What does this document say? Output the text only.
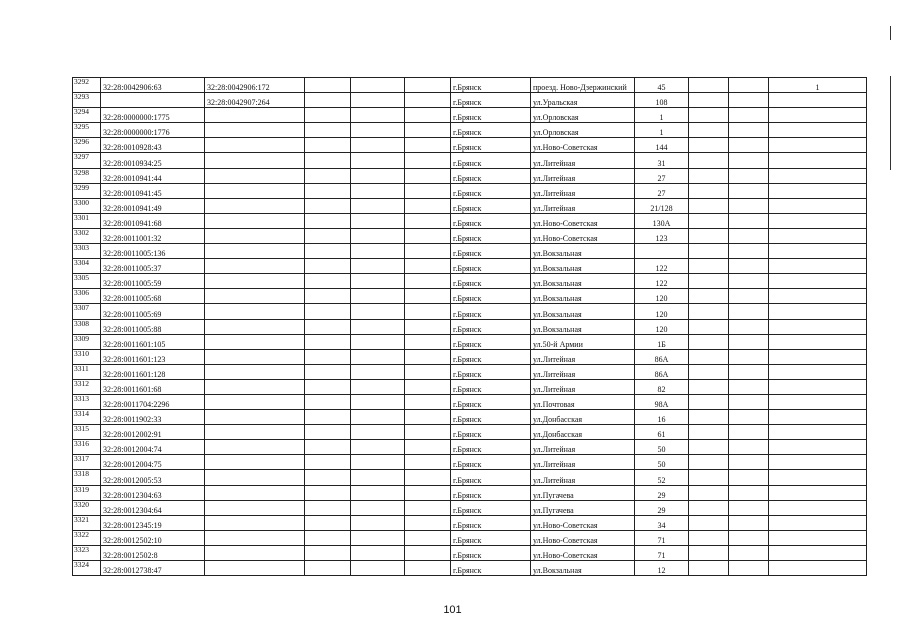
3292	32:28:0042906:63	32:28:0042906:172				г.Брянск	проезд. Ново-Дзержинский	45			1
3293		32:28:0042907:264				г.Брянск	ул.Уральская	108			
3294	32:28:0000000:1775					г.Брянск	ул.Орловская	1			
3295	32:28:0000000:1776					г.Брянск	ул.Орловская	1			
3296	32:28:0010928:43					г.Брянск	ул.Ново-Советская	144			
3297	32:28:0010934:25					г.Брянск	ул.Литейная	31			
3298	32:28:0010941:44					г.Брянск	ул.Литейная	27			
3299	32:28:0010941:45					г.Брянск	ул.Литейная	27			
3300	32:28:0010941:49					г.Брянск	ул.Литейная	21/128			
3301	32:28:0010941:68					г.Брянск	ул.Ново-Советская	130А			
3302	32:28:0011001:32					г.Брянск	ул.Ново-Советская	123			
3303	32:28:0011005:136					г.Брянск	ул.Вокзальная				
3304	32:28:0011005:37					г.Брянск	ул.Вокзальная	122			
3305	32:28:0011005:59					г.Брянск	ул.Вокзальная	122			
3306	32:28:0011005:68					г.Брянск	ул.Вокзальная	120			
3307	32:28:0011005:69					г.Брянск	ул.Вокзальная	120			
3308	32:28:0011005:88					г.Брянск	ул.Вокзальная	120			
3309	32:28:0011601:105					г.Брянск	ул.50-й Армии	1Б			
3310	32:28:0011601:123					г.Брянск	ул.Литейная	86А			
3311	32:28:0011601:128					г.Брянск	ул.Литейная	86А			
3312	32:28:0011601:68					г.Брянск	ул.Литейная	82			
3313	32:28:0011704:2296					г.Брянск	ул.Почтовая	98А			
3314	32:28:0011902:33					г.Брянск	ул.Донбасская	16			
3315	32:28:0012002:91					г.Брянск	ул.Донбасская	61			
3316	32:28:0012004:74					г.Брянск	ул.Литейная	50			
3317	32:28:0012004:75					г.Брянск	ул.Литейная	50			
3318	32:28:0012005:53					г.Брянск	ул.Литейная	52			
3319	32:28:0012304:63					г.Брянск	ул.Пугачева	29			
3320	32:28:0012304:64					г.Брянск	ул.Пугачева	29			
3321	32:28:0012345:19					г.Брянск	ул.Ново-Советская	34			
3322	32:28:0012502:10					г.Брянск	ул.Ново-Советская	71			
3323	32:28:0012502:8					г.Брянск	ул.Ново-Советская	71			
3324	32:28:0012738:47					г.Брянск	ул.Вокзальная	12			
101
